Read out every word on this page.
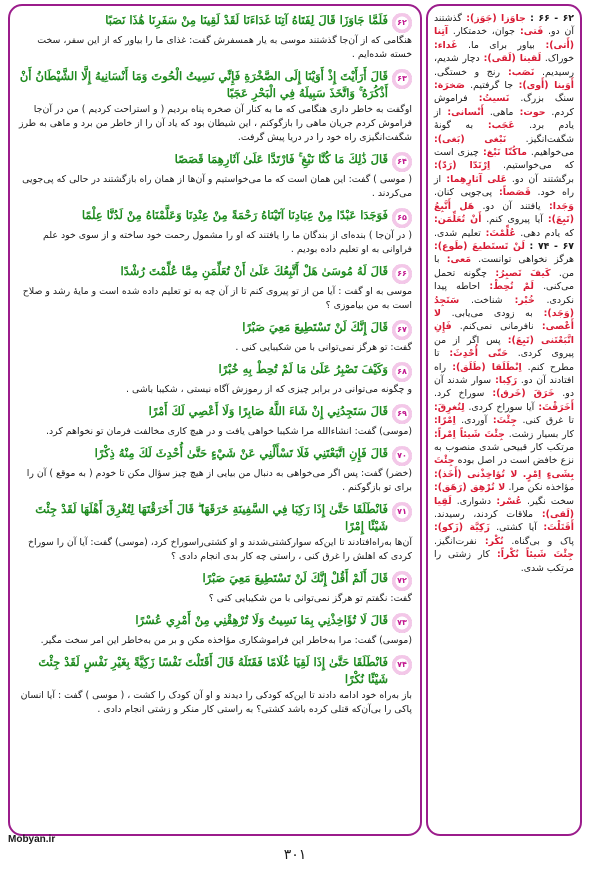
۶۲
فَلَمَّا جَاوَزَا قَالَ لِفَتَاهُ آتِنَا غَدَاءَنَا لَقَدْ لَقِينَا مِنْ سَفَرِنَا هَٰذَا نَصَبًا
هنگامی که از آن‌جا گذشتند موسی به یار همسفرش گفت: غذای ما را بیاور که از این سفر، سخت خسته شده‌ایم .
۶۳
قَالَ أَرَأَيْتَ إِذْ أَوَيْنَا إِلَى الصَّخْرَةِ فَإِنِّي نَسِيتُ الْحُوتَ وَمَا أَنْسَانِيهُ إِلَّا الشَّيْطَانُ أَنْ أَذْكُرَهُ ۚ وَاتَّخَذَ سَبِيلَهُ فِي الْبَحْرِ عَجَبًا
اوگفت به خاطر داری هنگامی که ما به کنار آن صخره پناه بردیم ( و استراحت کردیم ) من در آن‌جا فراموش کردم جریان ماهی را بازگوکنم ، این شیطان بود که یاد آن را از خاطر من برد و ماهی به طرز شگفت‌انگیزی راه خود را در دریا پیش گرفت.
۶۴
قَالَ ذَٰلِكَ مَا كُنَّا نَبْغِ ۚ فَارْتَدَّا عَلَىٰ آثَارِهِمَا قَصَصًا
( موسی ) گفت: این همان است که ما می‌خواستیم و آن‌ها از همان راه بازگشتند در حالی که پی‌جویی می‌کردند .
۶۵
فَوَجَدَا عَبْدًا مِنْ عِبَادِنَا آتَيْنَاهُ رَحْمَةً مِنْ عِنْدِنَا وَعَلَّمْنَاهُ مِنْ لَدُنَّا عِلْمًا
( در آن‌جا ) بنده‌ای از بندگان ما را یافتند که او را مشمول رحمت خود ساخته و از سوی خود علم فراوانی به او تعلیم داده بودیم .
۶۶
قَالَ لَهُ مُوسَىٰ هَلْ أَتَّبِعُكَ عَلَىٰ أَنْ تُعَلِّمَنِ مِمَّا عُلِّمْتَ رُشْدًا
موسی به او گفت : آیا من از تو پیروی کنم تا از آن چه به تو تعلیم داده شده است و مایهٔ رشد و صلاح است به من بیاموزی ؟
۶۷
قَالَ إِنَّكَ لَنْ تَسْتَطِيعَ مَعِيَ صَبْرًا
گفت: تو هرگز نمی‌توانی با من شکیبایی کنی .
۶۸
وَكَيْفَ تَصْبِرُ عَلَىٰ مَا لَمْ تُحِطْ بِهِ خُبْرًا
و چگونه می‌توانی در برابر چیزی که از رموزش آگاه نیستی ، شکیبا باشی .
۶۹
قَالَ سَتَجِدُنِي إِنْ شَاءَ اللَّهُ صَابِرًا وَلَا أَعْصِي لَكَ أَمْرًا
(موسی) گفت: انشاءالله مرا شکیبا خواهی یافت و در هیچ کاری مخالفت فرمان تو نخواهم کرد.
۷۰
قَالَ فَإِنِ اتَّبَعْتَنِي فَلَا تَسْأَلْنِي عَنْ شَيْءٍ حَتَّىٰ أُحْدِثَ لَكَ مِنْهُ ذِكْرًا
(خضر) گفت: پس اگر می‌خواهی به دنبال من بیایی از هیچ چیز سؤال مکن تا خودم ( به موقع ) آن را برای تو بازگوکنم .
۷۱
فَانْطَلَقَا حَتَّىٰ إِذَا رَكِبَا فِي السَّفِينَةِ خَرَقَهَا ۖ قَالَ أَخَرَقْتَهَا لِتُغْرِقَ أَهْلَهَا لَقَدْ جِئْتَ شَيْئًا إِمْرًا
آن‌ها به‌راه‌افتادند تا این‌که سوارکشتی‌شدند و او کشتی‌راسوراخ کرد، (موسی) گفت: آیا آن را سوراخ کردی که اهلش را غرق کنی ، راستی چه کار بدی انجام دادی ؟
۷۲
قَالَ أَلَمْ أَقُلْ إِنَّكَ لَنْ تَسْتَطِيعَ مَعِيَ صَبْرًا
گفت: نگفتم تو هرگز نمی‌توانی با من شکیبایی کنی ؟
۷۳
قَالَ لَا تُؤَاخِذْنِي بِمَا نَسِيتُ وَلَا تُرْهِقْنِي مِنْ أَمْرِي عُسْرًا
(موسی) گفت: مرا به‌خاطر این فراموشکاری مؤاخذه مکن و بر من به‌خاطر این امر سخت مگیر.
۷۴
فَانْطَلَقَا حَتَّىٰ إِذَا لَقِيَا غُلَامًا فَقَتَلَهُ قَالَ أَقَتَلْتَ نَفْسًا زَكِيَّةً بِغَيْرِ نَفْسٍ لَقَدْ جِئْتَ شَيْئًا نُكْرًا
باز به‌راه خود ادامه دادند تا این‌که کودکی را دیدند و او آن کودک را کشت ، ( موسی ) گفت : آیا انسان پاکی را بی‌آن‌که قتلی کرده باشد کشتی؟ به راستی کار منکر و زشتی انجام دادی .
۶۲ - ۶۶ : جاوَزا (جَوَز): گذشتند آن دو. فَتی: جوان، خدمتکار. آتِنا (أَتی): بیاور برای ما. غَداء: خوراک. لَقینا (لَقی): دچار شدیم، رسیدیم. نَصَب: رنج و خستگی. أَوَینا (أَوی): جا گرفتیم. صَخرَة: سنگ بزرگ. نَسیتُ: فراموش کردم. حوت: ماهی. أَنْسانی: از یادم برد. عَجَب: به گونهٔ شگفت‌انگیز. نَبْغی (بَغی): می‌خواهیم. ماکُنّا نَبْغ: چیزی است که می‌خواستیم. اِرْتَدّا (رَدّ): برگشتند آن دو. عَلی آثارِهِما: از راه خود. قَصَصاً: پی‌جویی کنان. وَجَدا: یافتند آن دو. هَل أَتَّبِعُ (تَبِعَ): آیا پیروی کنم. أَنْ تُعَلِّمَن: که یادم دهی. عُلِّمْتَ: تعلیم شدی. ۶۷ - ۷۴ : لَنْ تَستَطیعَ (طَوع): هرگز نخواهی توانست. مَعی: با من. کَیفَ تَصبِرُ: چگونه تحمل می‌کنی. لَمْ تُحِطْ: احاطه پیدا نکردی. خُبْر: شناخت. سَتَجِدُ (وَجَد): به زودی می‌یابی. لا أَعْصی: نافرمانی نمی‌کنم. فَإِنِ اتَّبَعْتَنی (تَبِعَ): پس اگر از من پیروی کردی. حَتّی أُحْدِثَ: تا مطرح کنم. اِنْطَلَقا (طَلَق): راه افتادند آن دو. رَکِبا: سوار شدند آن دو. خَرَقَ (خَرق): سوراخ کرد. أَخَرَقْتَ: آیا سوراخ کردی. لِتُغرِقَ: تا غرق کنی. جِئْتَ: آوردی. اِمْرًا: کار بسیار زشت. جِئْتَ شَیئاً اِمْراً: مرتکب کار قبیحی شدی منصوب به نزع خافض است در اصل بوده جِئْتَ بِشَیءٍ اِمْرٍ. لا تُؤاخِذْنی (أَخَذ): مؤاخذه نکن مرا. لا تُرْهِق (رَهَق): سخت نگیر. عُسْر: دشواری. لَقِیا (لَقی): ملاقات کردند، رسیدند. أَقَتَلْتَ: آیا کشتی. زَکِیَّة (زَکو): پاک و بی‌گناه. نُکْر: نفرت‌انگیز. جِئْتَ شَیئاً نُکْراً: کار زشتی را مرتکب شدی.
Mobyan.ir
۳۰۱
